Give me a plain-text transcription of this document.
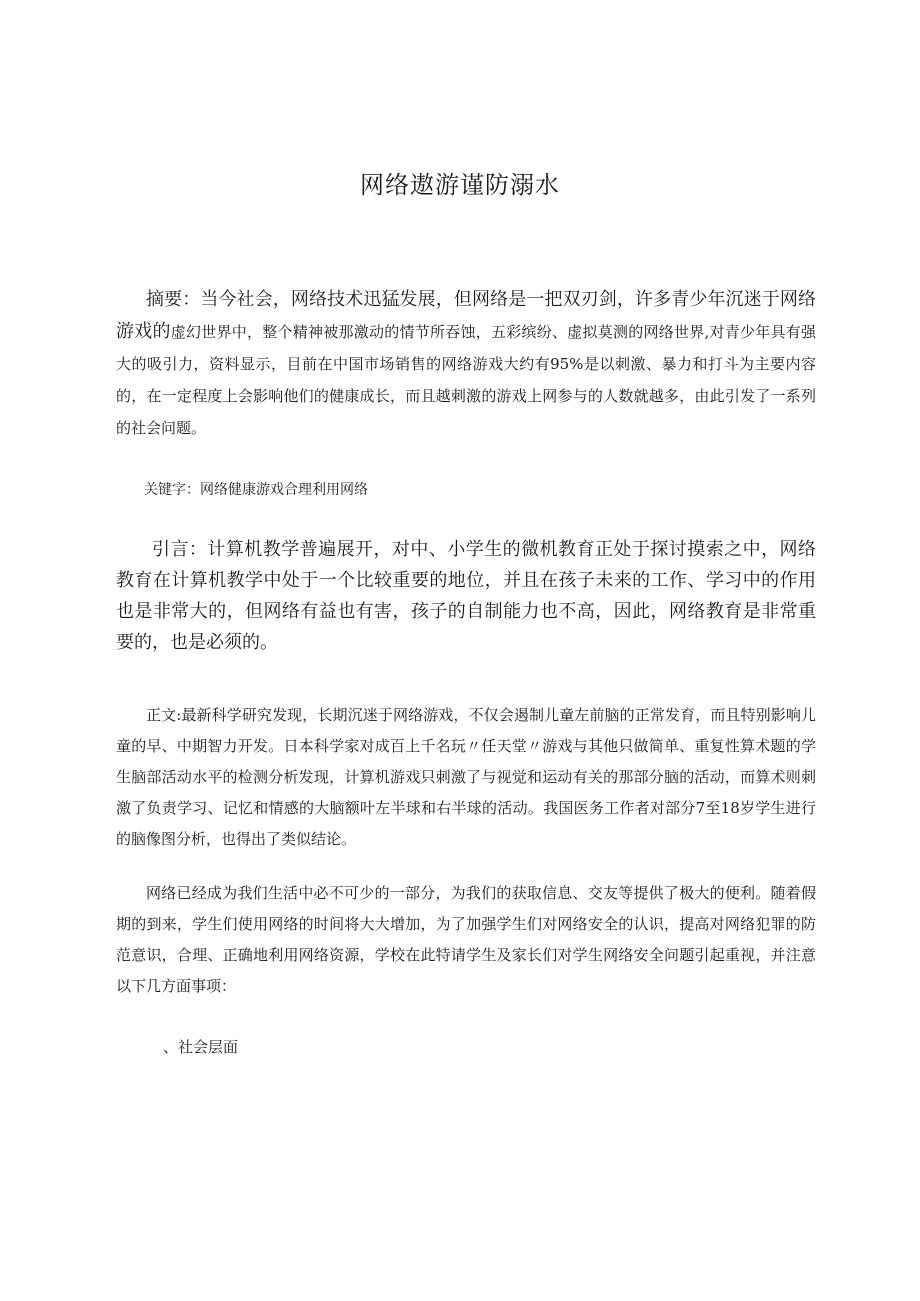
网络遨游谨防溺水

摘要：当今社会，网络技术迅猛发展，但网络是一把双刃剑，许多青少年沉迷于网络游戏的虚幻世界中，整个精神被那激动的情节所吞蚀，五彩缤纷、虚拟莫测的网络世界,对青少年具有强大的吸引力，资料显示，目前在中国市场销售的网络游戏大约有95%是以刺激、暴力和打斗为主要内容的，在一定程度上会影响他们的健康成长，而且越刺激的游戏上网参与的人数就越多，由此引发了一系列的社会问题。

关键字：网络健康游戏合理利用网络

引言：计算机教学普遍展开，对中、小学生的微机教育正处于探讨摸索之中，网络教育在计算机教学中处于一个比较重要的地位，并且在孩子未来的工作、学习中的作用也是非常大的，但网络有益也有害，孩子的自制能力也不高，因此，网络教育是非常重要的，也是必须的。

正文:最新科学研究发现，长期沉迷于网络游戏，不仅会遏制儿童左前脑的正常发育，而且特别影响儿童的早、中期智力开发。日本科学家对成百上千名玩〃任天堂〃游戏与其他只做简单、重复性算术题的学生脑部活动水平的检测分析发现，计算机游戏只刺激了与视觉和运动有关的那部分脑的活动，而算术则刺激了负责学习、记忆和情感的大脑额叶左半球和右半球的活动。我国医务工作者对部分7至18岁学生进行的脑像图分析，也得出了类似结论。

网络已经成为我们生活中必不可少的一部分，为我们的获取信息、交友等提供了极大的便利。随着假期的到来，学生们使用网络的时间将大大增加，为了加强学生们对网络安全的认识，提高对网络犯罪的防范意识，合理、正确地利用网络资源，学校在此特请学生及家长们对学生网络安全问题引起重视，并注意以下几方面事项：

、社会层面
